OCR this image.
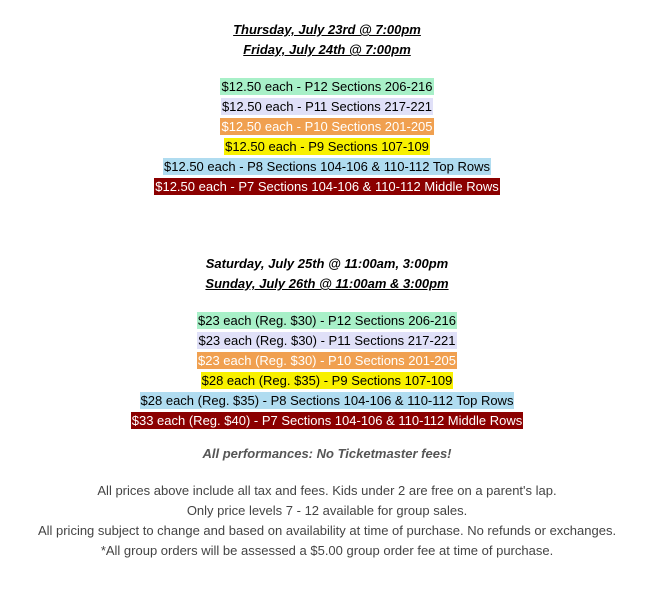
Thursday, July 23rd @ 7:00pm
Friday, July 24th @ 7:00pm
$12.50 each - P12 Sections 206-216
$12.50 each - P11 Sections 217-221
$12.50 each - P10 Sections 201-205
$12.50 each - P9 Sections 107-109
$12.50 each - P8 Sections 104-106 & 110-112 Top Rows
$12.50 each - P7 Sections 104-106 & 110-112 Middle Rows
Saturday, July 25th @ 11:00am, 3:00pm
Sunday, July 26th @ 11:00am & 3:00pm
$23 each (Reg. $30) - P12 Sections 206-216
$23 each (Reg. $30) - P11 Sections 217-221
$23 each (Reg. $30) - P10 Sections 201-205
$28 each (Reg. $35) - P9 Sections 107-109
$28 each (Reg. $35) - P8 Sections 104-106 & 110-112 Top Rows
$33 each (Reg. $40) - P7 Sections 104-106 & 110-112 Middle Rows
All performances: No Ticketmaster fees!
All prices above include all tax and fees. Kids under 2 are free on a parent's lap.
Only price levels 7 - 12 available for group sales.
All pricing subject to change and based on availability at time of purchase. No refunds or exchanges.
*All group orders will be assessed a $5.00 group order fee at time of purchase.
